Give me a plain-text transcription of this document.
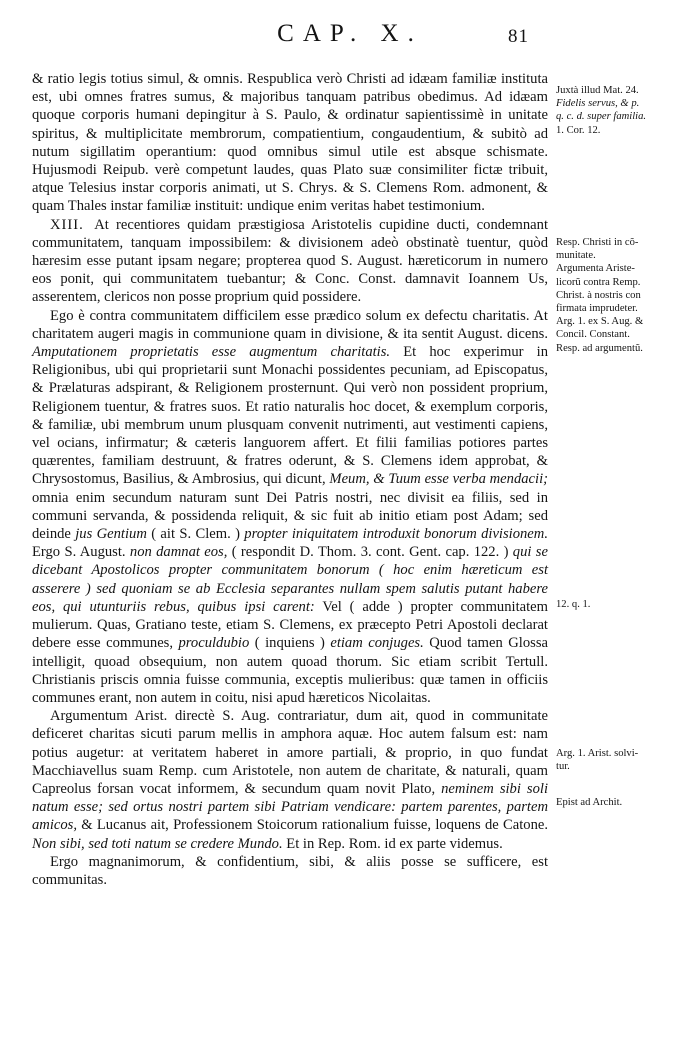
CAP. X.	81

& ratio legis totius simul, & omnis. Respublica verò Christi ad idæam familiæ instituta est, ubi omnes fratres sumus, & majoribus tanquam patribus obedimus. Ad idæam quoque corporis humani depingitur à S. Paulo, & ordinatur sapientissimè in unitate spiritus, & multiplicitate membrorum, compatientium, congaudentium, & subitò ad nutum sigillatim operantium: quod omnibus simul utile est absque schismate. Hujusmodi Reipub. verè competunt laudes, quas Plato suæ consimiliter fictæ tribuit, atque Telesius instar corporis animati, ut S. Chrys. & S. Clemens Rom. admonent, & quam Thales instar familiæ instituit: undique enim veritas habet testimonium.

XIII. At recentiores quidam præstigiosa Aristotelis cupidine ducti, condemnant communitatem, tanquam impossibilem: & divisionem adeò obstinatè tuentur, quòd hæresim esse putant ipsam negare; propterea quod S. August. hæreticorum in numero eos ponit, qui communitatem tuebantur; & Conc. Const. damnavit Ioannem Us, asserentem, clericos non posse proprium quid possidere.

Ego è contra communitatem difficilem esse prædico solum ex defectu charitatis. At charitatem augeri magis in communione quam in divisione, & ita sentit August. dicens. Amputationem proprietatis esse augmentum charitatis. Et hoc experimur in Religionibus, ubi qui proprietarii sunt Monachi possidentes pecuniam, ad Episcopatus, & Prælaturas adspirant, & Religionem prosternunt. Qui verò non possident proprium, Religionem tuentur, & fratres suos. Et ratio naturalis hoc docet, & exemplum corporis, & familiæ, ubi membrum unum plusquam convenit nutrimenti, aut vestimenti capiens, vel ocians, infirmatur; & cæteris languorem affert. Et filii familias potiores partes quærentes, familiam destruunt, & fratres oderunt, & S. Clemens idem approbat, & Chrysostomus, Basilius, & Ambrosius, qui dicunt, Meum, & Tuum esse verba mendacii; omnia enim secundum naturam sunt Dei Patris nostri, nec divisit ea filiis, sed in communi servanda, & possidenda reliquit, & sic fuit ab initio etiam post Adam; sed deinde jus Gentium ( ait S. Clem. ) propter iniquitatem introduxit bonorum divisionem. Ergo S. August. non damnat eos, ( respondit D. Thom. 3. cont. Gent. cap. 122. ) qui se dicebant Apostolicos propter communitatem bonorum ( hoc enim hæreticum est asserere ) sed quoniam se ab Ecclesia separantes nullam spem salutis putant habere eos, qui utunturiis rebus, quibus ipsi carent: Vel ( adde ) propter communitatem mulierum. Quas, Gratiano teste, etiam S. Clemens, ex præcepto Petri Apostoli declarat debere esse communes, proculdubio ( inquiens ) etiam conjuges. Quod tamen Glossa intelligit, quoad obsequium, non autem quoad thorum. Sic etiam scribit Tertull. Christianis priscis omnia fuisse communia, exceptis mulieribus: quæ tamen in officiis communes erant, non autem in coitu, nisi apud hæreticos Nicolaitas.

Argumentum Arist. directè S. Aug. contrariatur, dum ait, quod in communitate deficeret charitas sicuti parum mellis in amphora aquæ. Hoc autem falsum est: nam potius augetur: at veritatem haberet in amore partiali, & proprio, in quo fundat Macchiavellus suam Remp. cum Aristotele, non autem de charitate, & naturali, quam Capreolus forsan vocat informem, & secundum quam novit Plato, neminem sibi soli natum esse; sed ortus nostri partem sibi Patriam vendicare: partem parentes, partem amicos, & Lucanus ait, Professionem Stoicorum rationalium fuisse, loquens de Catone. Non sibi, sed toti natum se credere Mundo. Et in Rep. Rom. id ex parte videmus.

Ergo magnanimorum, & confidentium, sibi, & aliis posse se sufficere, est communitas.

Juxtà illud Mat. 24.
Fidelis servus, & p.
q. c. d. super familia.
1. Cor. 12.
Resp. Christi in cõ-
munitate.
Argumenta Ariste-
licorũ contra Remp.
Christ. à nostris con
firmata imprudeter.
Arg. 1. ex S. Aug. &
Concil. Constant.
Resp. ad argumentũ.
12. q. 1.
Arg. 1. Arist. solvi-
tur.
Epist ad Archit.
